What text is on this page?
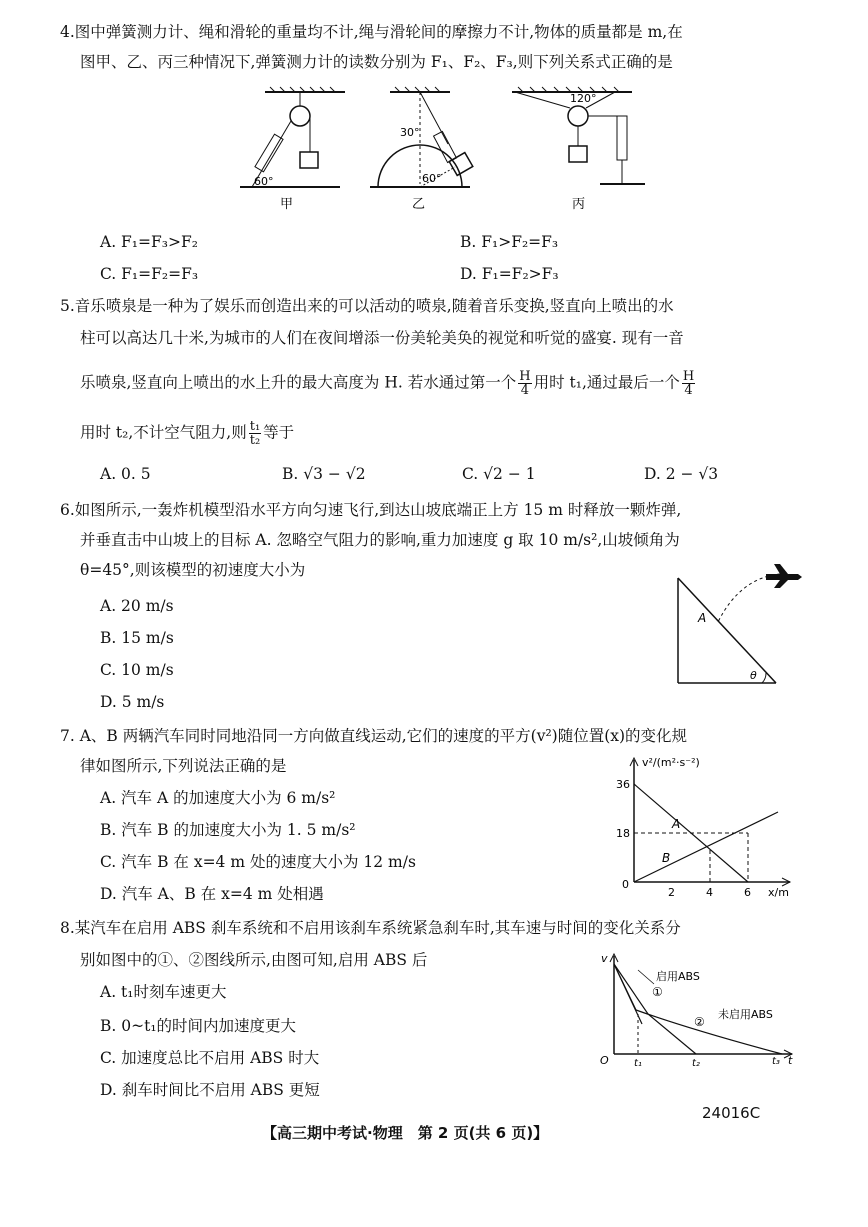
4.图中弹簧测力计、绳和滑轮的重量均不计,绳与滑轮间的摩擦力不计,物体的质量都是 m,在
图甲、乙、丙三种情况下,弹簧测力计的读数分别为 F₁、F₂、F₃,则下列关系式正确的是
60°
甲
30°
60°
乙
120°
丙
A. F₁=F₃>F₂	B. F₁>F₂=F₃
C. F₁=F₂=F₃	D. F₁=F₂>F₃
5.音乐喷泉是一种为了娱乐而创造出来的可以活动的喷泉,随着音乐变换,竖直向上喷出的水
柱可以高达几十米,为城市的人们在夜间增添一份美轮美奂的视觉和听觉的盛宴. 现有一音
乐喷泉,竖直向上喷出的水上升的最大高度为 H. 若水通过第一个 $\frac{H}{4}$ 用时 t₁,通过最后一个 $\frac{H}{4}$
用时 t₂,不计空气阻力,则 $\frac{\text{t₁}}{\text{t₂}}$ 等于
A. 0. 5	B. √3 − √2	C. √2 − 1	D. 2 − √3
6.如图所示,一轰炸机模型沿水平方向匀速飞行,到达山坡底端正上方 15 m 时释放一颗炸弹,
并垂直击中山坡上的目标 A. 忽略空气阻力的影响,重力加速度 g 取 10 m/s²,山坡倾角为
θ=45°,则该模型的初速度大小为
A. 20 m/s
B. 15 m/s
C. 10 m/s
D. 5 m/s
A
θ
7. A、B 两辆汽车同时同地沿同一方向做直线运动,它们的速度的平方(v²)随位置(x)的变化规
律如图所示,下列说法正确的是
A. 汽车 A 的加速度大小为 6 m/s²
B. 汽车 B 的加速度大小为 1. 5 m/s²
C. 汽车 B 在 x=4 m 处的速度大小为 12 m/s
D. 汽车 A、B 在 x=4 m 处相遇
v²/(m²·s⁻²)
x/m
0
36
18
2	4	6
A
B
8.某汽车在启用 ABS 刹车系统和不启用该刹车系统紧急刹车时,其车速与时间的变化关系分
别如图中的①、②图线所示,由图可知,启用 ABS 后
A. t₁时刻车速更大
B. 0~t₁的时间内加速度更大
C. 加速度总比不启用 ABS 时大
D. 刹车时间比不启用 ABS 更短
v
O	t
t₁	t₂	t₃
启用ABS
①
②
未启用ABS
【高三期中考试·物理　第 2 页(共 6 页)】
24016C
